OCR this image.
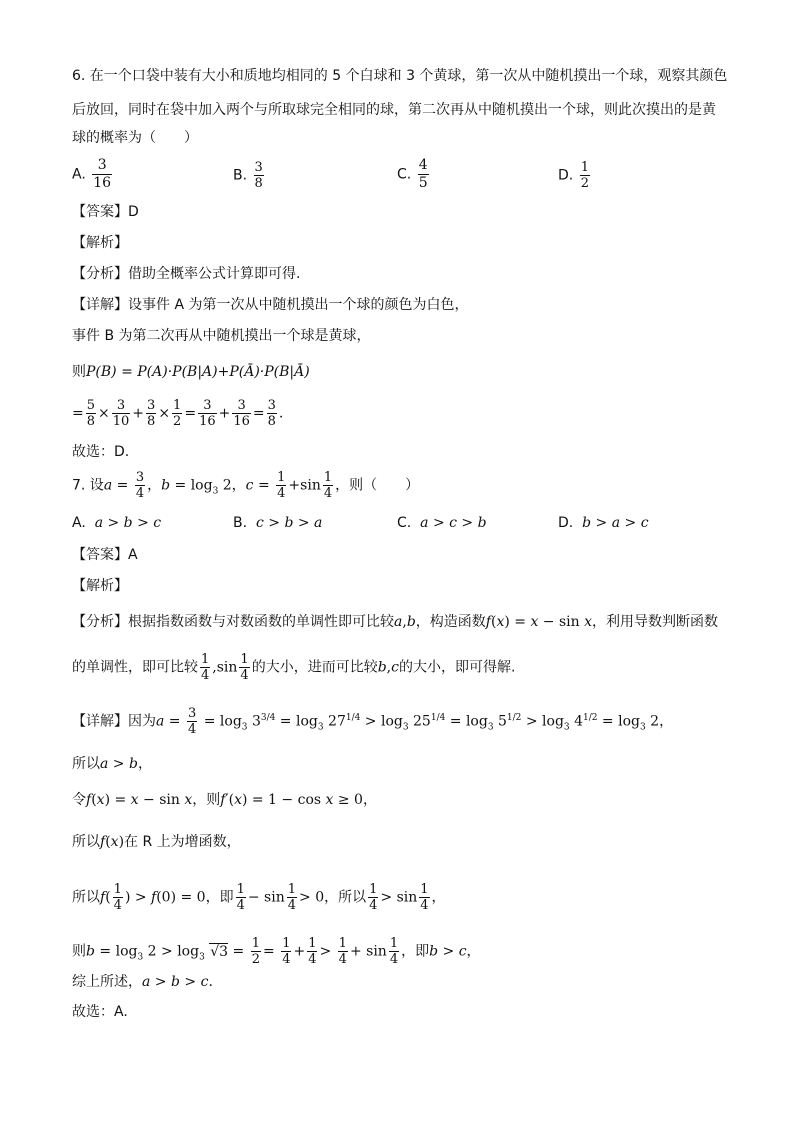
6. 在一个口袋中装有大小和质地均相同的 5 个白球和 3 个黄球，第一次从中随机摸出一个球，观察其颜色
后放回，同时在袋中加入两个与所取球完全相同的球，第二次再从中随机摸出一个球，则此次摸出的是黄
球的概率为（　　）
A. $\frac{3}{16}$	B. $\frac{3}{8}$	C. $\frac{4}{5}$	D. $\frac{1}{2}$
【答案】D
【解析】
【分析】借助全概率公式计算即可得.
【详解】设事件 A 为第一次从中随机摸出一个球的颜色为白色，
事件 B 为第二次再从中随机摸出一个球是黄球，
则P(B) = P(A)·P(B|A)+P(Ā)·P(B|Ā)
= $\frac{5}{8} \times \frac{3}{10} + \frac{3}{8} \times \frac{1}{2} = \frac{3}{16} + \frac{3}{16} = \frac{3}{8}$ .
故选：D.
7. 设$a = \frac{3}{4}$ ，$b = \log_3 2$，$c = \frac{1}{4} +\sin \frac{1}{4}$ ，则（　　）
A. a > b > c	B. c > b > a	C. a > c > b	D. b > a > c
【答案】A
【解析】
【分析】根据指数函数与对数函数的单调性即可比较a,b，构造函数f(x) = x − sin x，利用导数判断函数
的单调性，即可比较 $\frac{1}{4} ,\sin \frac{1}{4}$ 的大小，进而可比较b,c的大小，即可得解.
【详解】因为$a = \frac{3}{4} = \log_3 3^{3/4} = \log_3 27^{1/4} > \log_3 25^{1/4} = \log_3 5^{1/2} > \log_3 4^{1/2} = \log_3 2$，
所以a > b，
令f(x) = x − sin x，则f′(x) = 1 − cos x ≥ 0，
所以f(x)在 R 上为增函数，
所以$f( \frac{1}{4}$ ) > f(0) = 0，即 $\frac{1}{4} - \sin \frac{1}{4} > 0$，所以 $\frac{1}{4} > \sin \frac{1}{4}$ ，
则$b = \log_3 2 > \log_3 √3 = \frac{1}{2} = \frac{1}{4} + \frac{1}{4} > \frac{1}{4} + \sin \frac{1}{4}$ ，即b > c，
综上所述，a > b > c.
故选：A.
